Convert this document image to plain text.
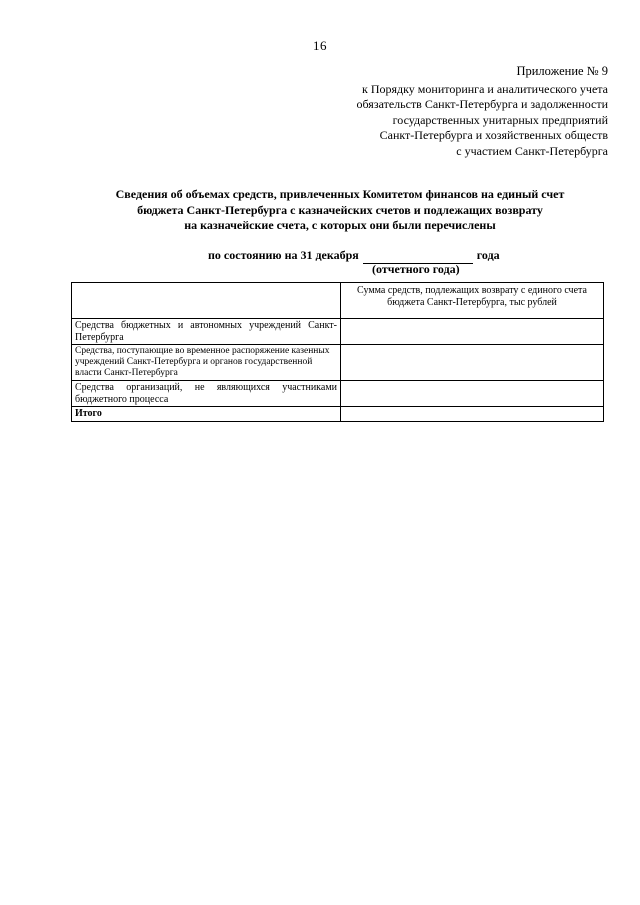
16
Приложение № 9
к Порядку мониторинга и аналитического учета
обязательств Санкт-Петербурга и задолженности
государственных унитарных предприятий
Санкт-Петербурга и хозяйственных обществ
с участием Санкт-Петербурга
Сведения об объемах средств, привлеченных Комитетом финансов на единый счет
бюджета Санкт-Петербурга с казначейских счетов и подлежащих возврату
на казначейские счета, с которых они были перечислены
по состоянию на 31 декабря	года
(отчетного года)
	Сумма средств, подлежащих возврату с единого счета бюджета Санкт-Петербурга, тыс рублей
Средства бюджетных и автономных учреждений Санкт-Петербурга	
Средства, поступающие во временное распоряжение казенных учреждений Санкт-Петербурга и органов государственной власти Санкт-Петербурга	
Средства организаций, не являющихся участниками бюджетного процесса	
Итого	
